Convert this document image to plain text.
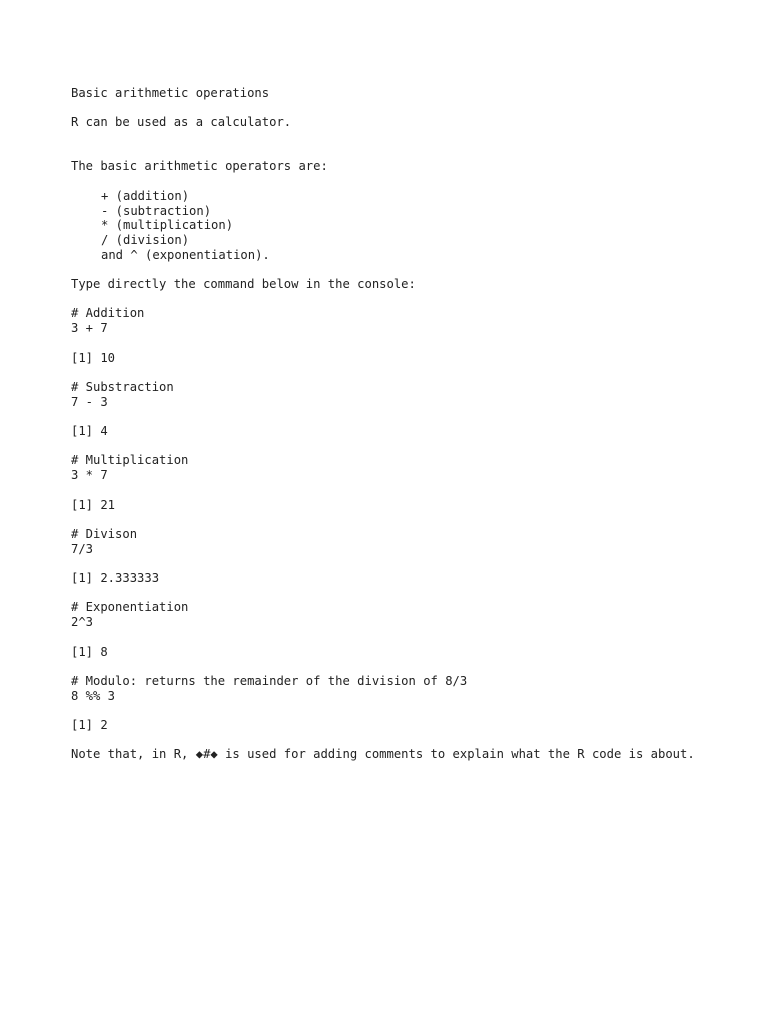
Basic arithmetic operations
R can be used as a calculator.
The basic arithmetic operators are:
+ (addition)
- (subtraction)
* (multiplication)
/ (division)
and ^ (exponentiation).
Type directly the command below in the console:
# Addition
3 + 7
[1] 10
# Substraction
7 - 3
[1] 4
# Multiplication
3 * 7
[1] 21
# Divison
7/3
[1] 2.333333
# Exponentiation
2^3
[1] 8
# Modulo: returns the remainder of the division of 8/3
8 %% 3
[1] 2
Note that, in R, ◆#◆ is used for adding comments to explain what the R code is about.
